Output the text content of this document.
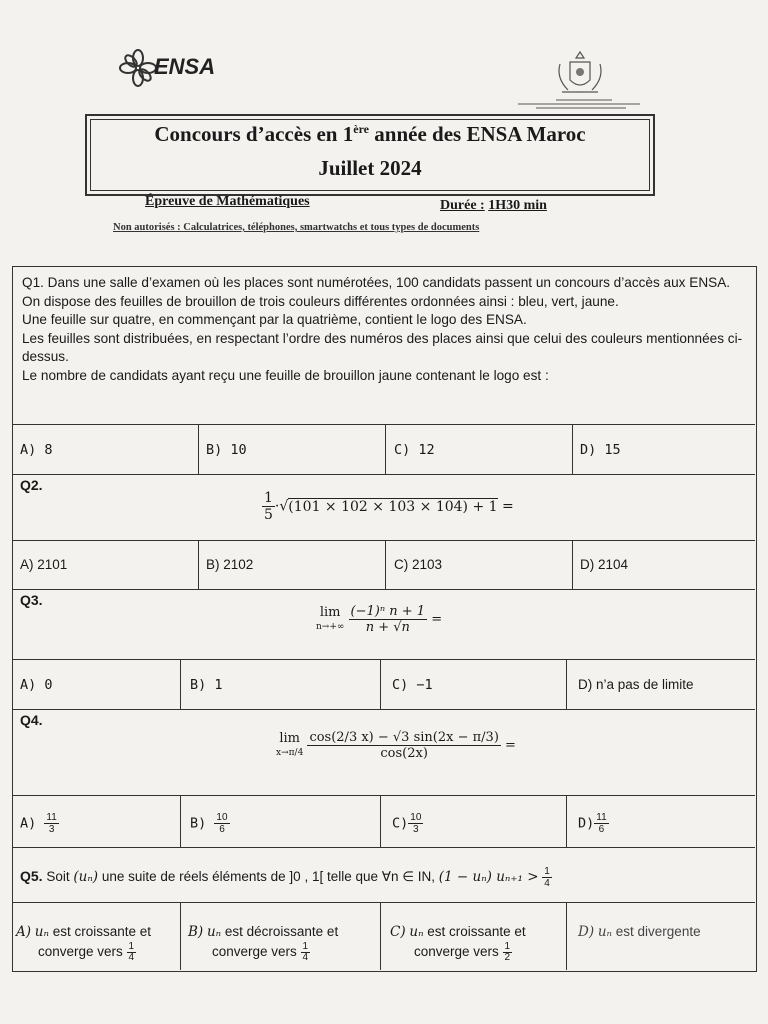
ENSA
Concours d’accès en 1ère année des ENSA Maroc
Juillet 2024
Épreuve de Mathématiques	Durée : 1H30 min
Non autorisés : Calculatrices, téléphones, smartwatchs et tous types de documents
Q1. Dans une salle d’examen où les places sont numérotées, 100 candidats passent un concours d’accès aux ENSA.
On dispose des feuilles de brouillon de trois couleurs différentes ordonnées ainsi : bleu, vert, jaune.
Une feuille sur quatre, en commençant par la quatrième, contient le logo des ENSA.
Les feuilles sont distribuées, en respectant l’ordre des numéros des places ainsi que celui des couleurs mentionnées ci-dessus.
Le nombre de candidats ayant reçu une feuille de brouillon jaune contenant le logo est :
A) 8	B) 10	C) 12	D) 15
Q2.
$\frac{1}{5} \cdot√(101 \times 102 \times 103 \times 104) + 1$ =
A) 2101	B) 2102	C) 2103	D) 2104
Q3.
lim
$n\to+\infty \frac{\text{(−1)ⁿ n + 1}}{n + √n}$ =
A) 0	B) 1	C) −1	D) n’a pas de limite
Q4.
lim
$x\to\pi/4 \frac{\cos(2/3 x) - √3 \sin(2x - \pi/3)}{\cos(2x)}$ =
$A) \frac{11}{3}$	$B) \frac{10}{6}$	$C) \frac{10}{3}$	$D) \frac{11}{6}$
Q5. Soit (uₙ) une suite de réels éléments de ]0 , 1[ telle que ∀n ∈ IN, (1 − uₙ) $u_{n+1} > \frac{1}{4}$
A) uₙ est croissante et
converge vers $\frac{1}{4}$
B) uₙ est décroissante et
converge vers $\frac{1}{4}$
C) uₙ est croissante et
converge vers $\frac{1}{2}$
D) uₙ est divergente
